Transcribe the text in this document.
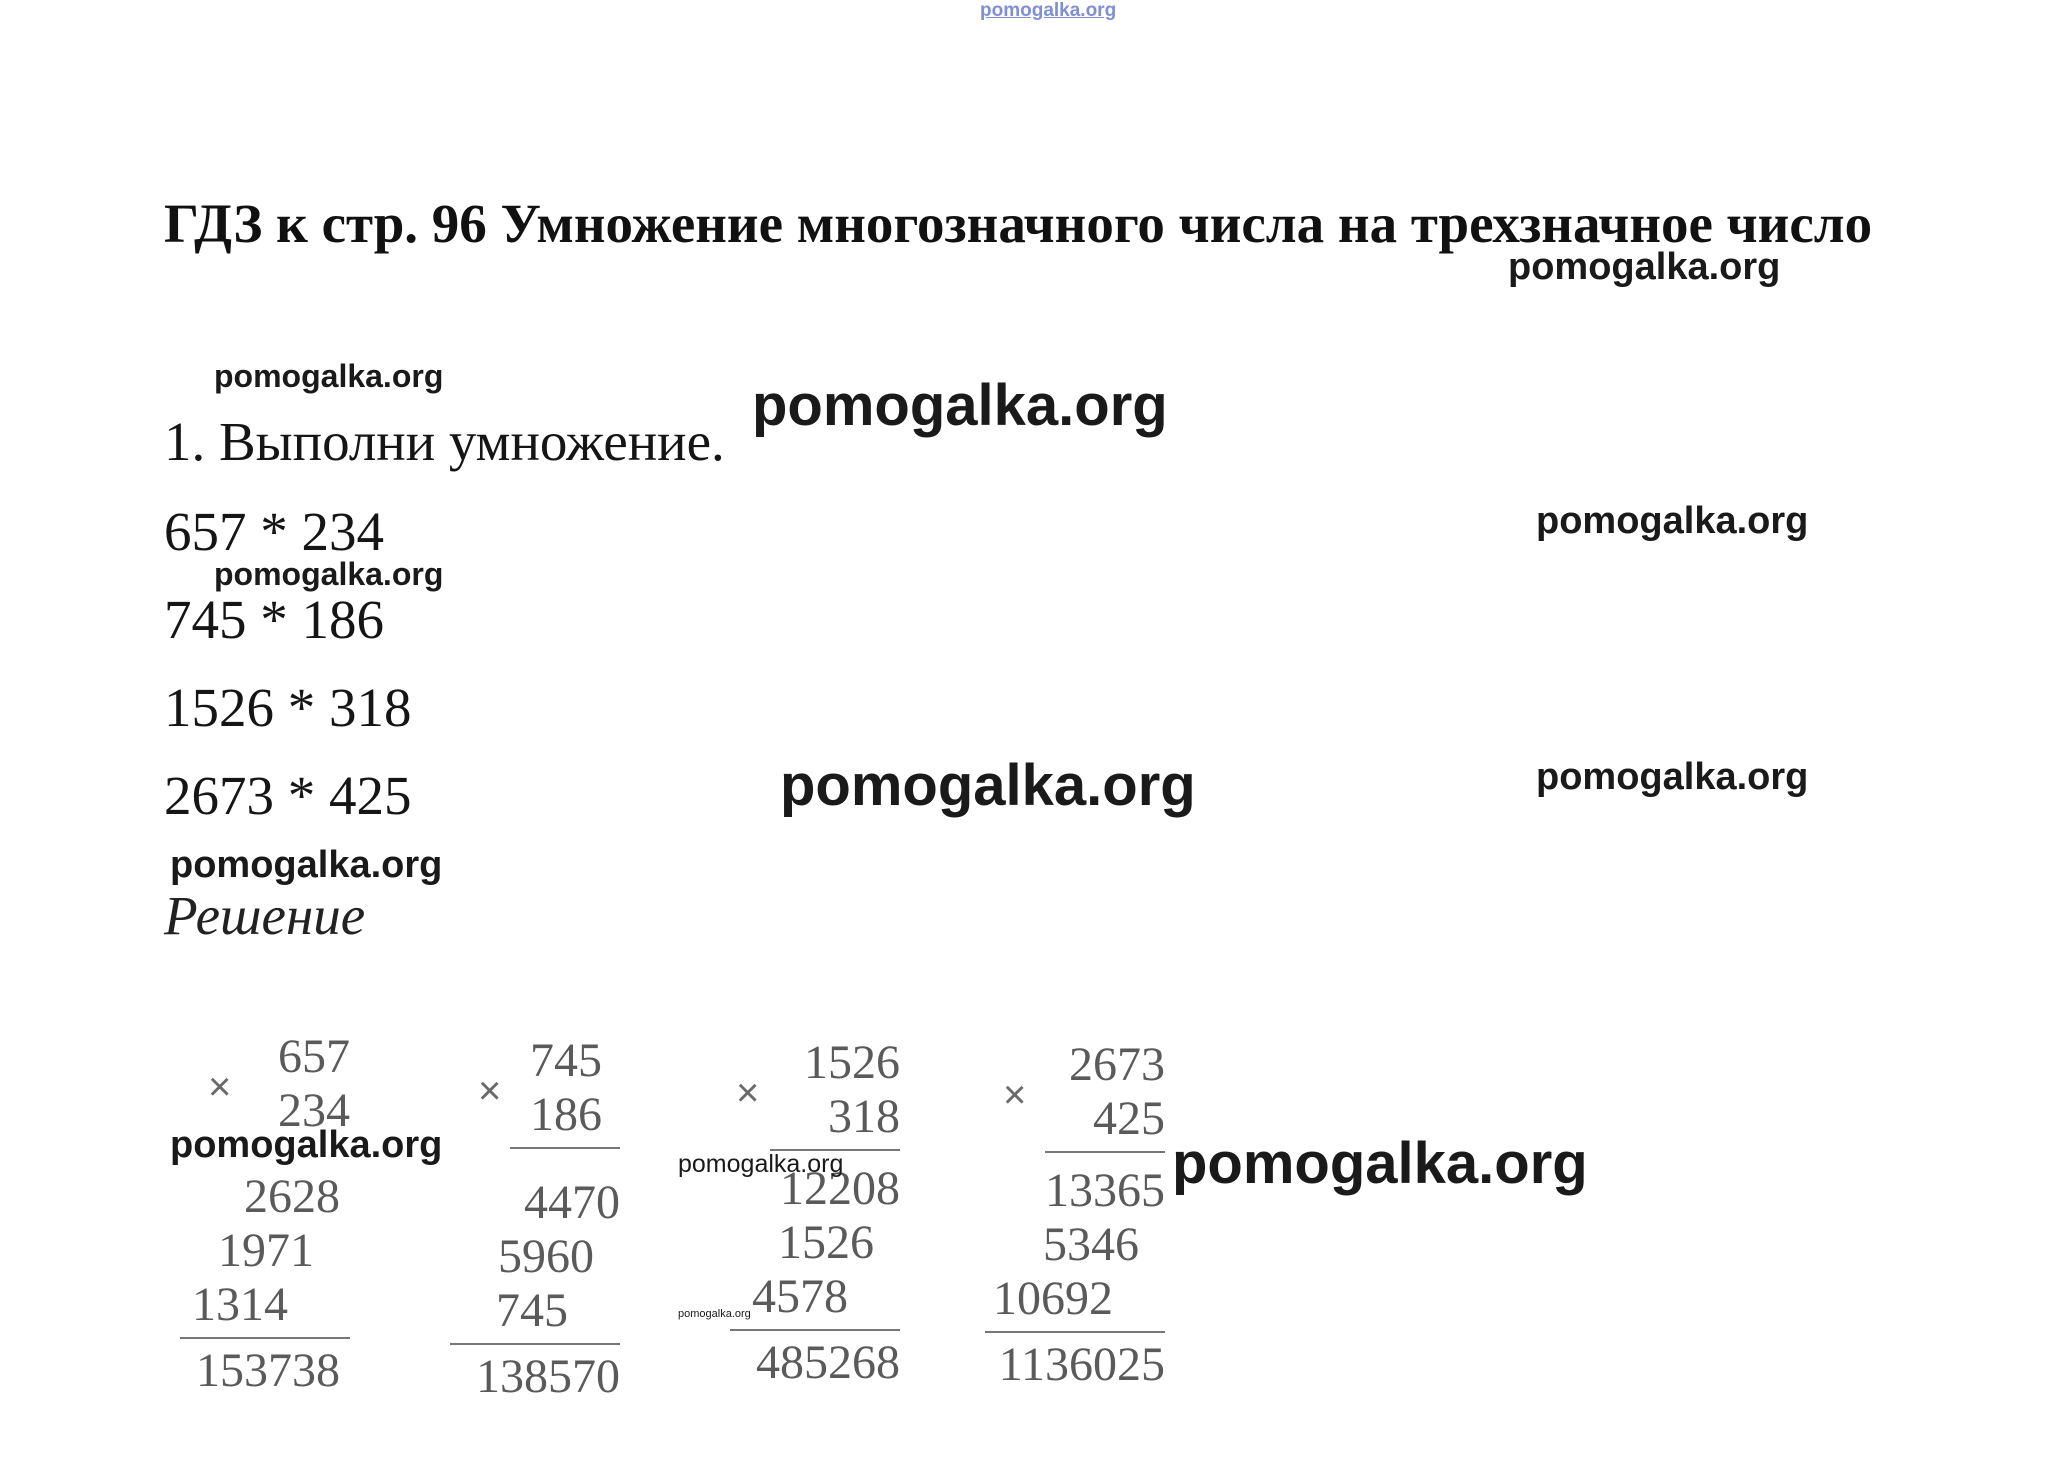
pomogalka.org
ГДЗ к стр. 96 Умножение многозначного числа на трехзначное число
1. Выполни умножение.
657 * 234
745 * 186
1526 * 318
2673 * 425
Решение
×
657
234
2628
1971
1314
153738
×
745
186
4470
5960
745
138570
×
1526
318
12208
1526
4578
485268
×
2673
425
13365
5346
10692
1136025
pomogalka.org
pomogalka.org	pomogalka.org
pomogalka.org
pomogalka.org
pomogalka.org	pomogalka.org
pomogalka.org
pomogalka.org	pomogalka.org	pomogalka.org
pomogalka.org
